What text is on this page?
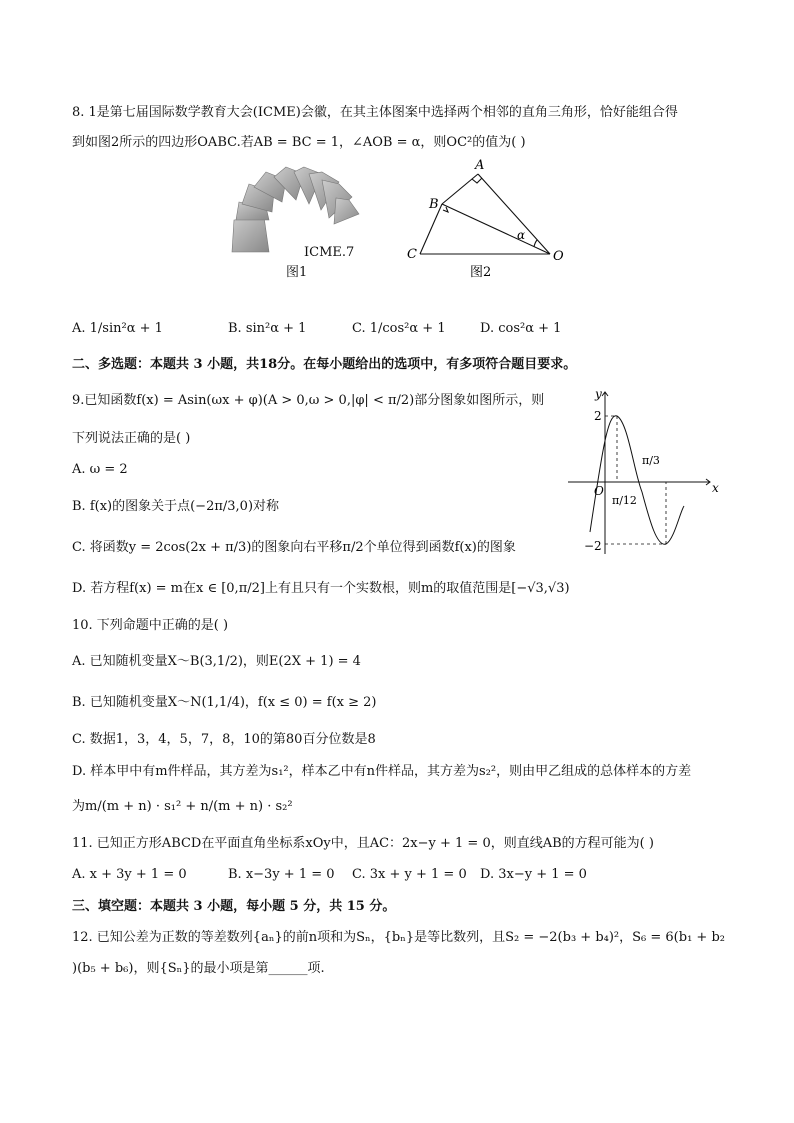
8. 1是第七届国际数学教育大会(ICME)会徽，在其主体图案中选择两个相邻的直角三角形，恰好能组合得
到如图2所示的四边形OABC.若AB = BC = 1，∠AOB = α，则OC²的值为( )
ICME.7
图1
A
B
C	O
α
图2
A. 1/sin²α + 1	B. sin²α + 1	C. 1/cos²α + 1	D. cos²α + 1
二、多选题：本题共 3 小题，共18分。在每小题给出的选项中，有多项符合题目要求。
9.已知函数f(x) = Asin(ωx + φ)(A > 0,ω > 0,|φ| < π/2)部分图象如图所示，则
下列说法正确的是( )
A. ω = 2
B. f(x)的图象关于点(−2π/3,0)对称
C. 将函数y = 2cos(2x + π/3)的图象向右平移π/2个单位得到函数f(x)的图象
D. 若方程f(x) = m在x ∈ [0,π/2]上有且只有一个实数根，则m的取值范围是[−√3,√3)
y
x
O
2
−2
π/12
π/3
10. 下列命题中正确的是( )
A. 已知随机变量X～B(3,1/2)，则E(2X + 1) = 4
B. 已知随机变量X～N(1,1/4)，f(x ≤ 0) = f(x ≥ 2)
C. 数据1，3，4，5，7，8，10的第80百分位数是8
D. 样本甲中有m件样品，其方差为s₁²，样本乙中有n件样品，其方差为s₂²，则由甲乙组成的总体样本的方差
为m/(m + n) · s₁² + n/(m + n) · s₂²
11. 已知正方形ABCD在平面直角坐标系xOy中，且AC：2x−y + 1 = 0，则直线AB的方程可能为( )
A. x + 3y + 1 = 0	B. x−3y + 1 = 0 C. 3x + y + 1 = 0 D. 3x−y + 1 = 0
三、填空题：本题共 3 小题，每小题 5 分，共 15 分。
12. 已知公差为正数的等差数列{aₙ}的前n项和为Sₙ，{bₙ}是等比数列，且S₂ = −2(b₃ + b₄)²，S₆ = 6(b₁ + b₂
)(b₅ + b₆)，则{Sₙ}的最小项是第______项.
